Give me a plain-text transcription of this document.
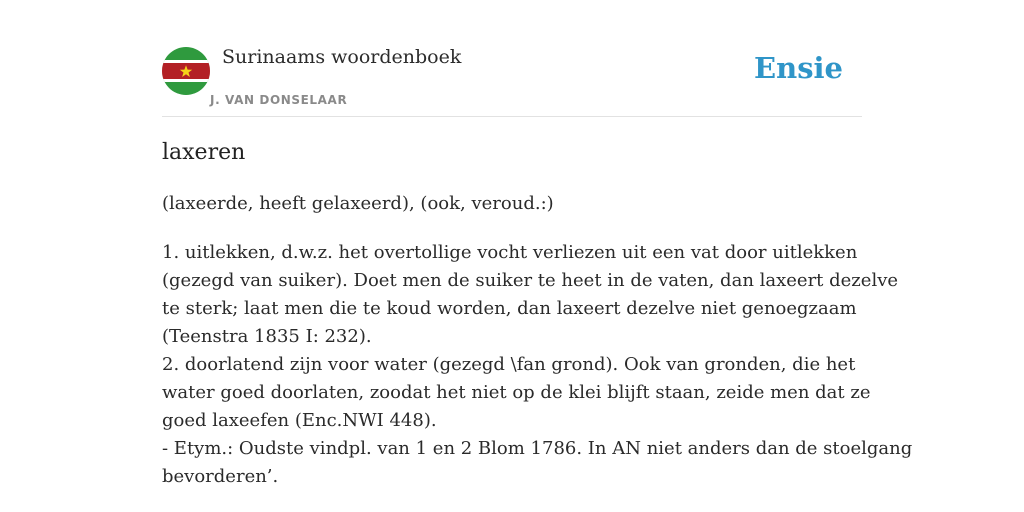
Surinaams woordenboek
J. VAN DONSELAAR
Ensie
laxeren
(laxeerde, heeft gelaxeerd), (ook, veroud.:)
1. uitlekken, d.w.z. het overtollige vocht verliezen uit een vat door uitlekken
(gezegd van suiker). Doet men de suiker te heet in de vaten, dan laxeert dezelve
te sterk; laat men die te koud worden, dan laxeert dezelve niet genoegzaam
(Teenstra 1835 I: 232).
2. doorlatend zijn voor water (gezegd \fan grond). Ook van gronden, die het
water goed doorlaten, zoodat het niet op de klei blijft staan, zeide men dat ze
goed laxeefen (Enc.NWI 448).
- Etym.: Oudste vindpl. van 1 en 2 Blom 1786. In AN niet anders dan de stoelgang
bevorderen’.
